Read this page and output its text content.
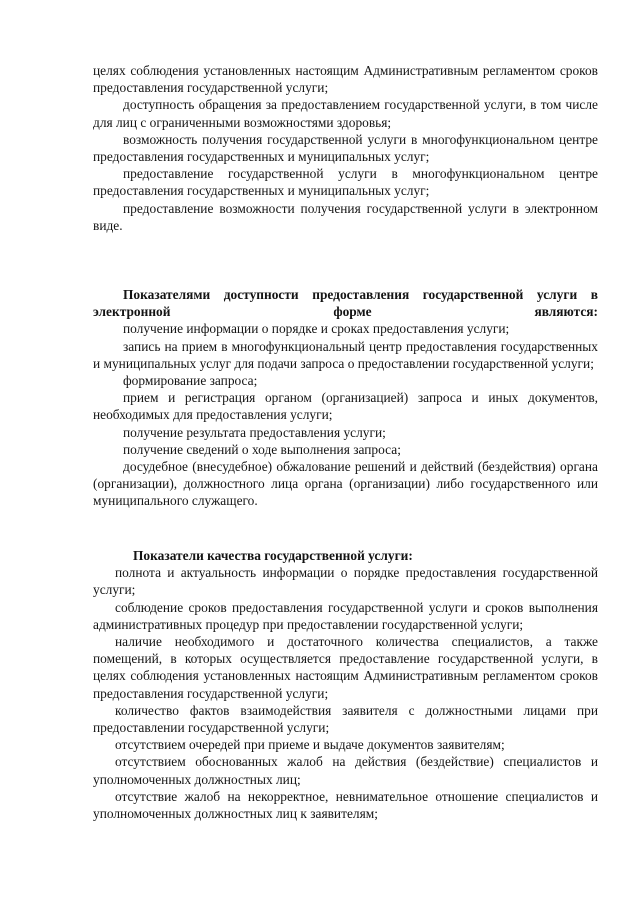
целях соблюдения установленных настоящим Административным регламентом сроков предоставления государственной услуги;

доступность обращения за предоставлением государственной услуги, в том числе для лиц с ограниченными возможностями здоровья;

возможность получения государственной услуги в многофункциональном центре предоставления государственных и муниципальных услуг;

предоставление государственной услуги в многофункциональном центре предоставления государственных и муниципальных услуг;

предоставление возможности получения государственной услуги в электронном виде.

Показателями доступности предоставления государственной услуги в электронной форме являются:

получение информации о порядке и сроках предоставления услуги;

запись на прием в многофункциональный центр предоставления государственных и муниципальных услуг для подачи запроса о предоставлении государственной услуги;

формирование запроса;

прием и регистрация органом (организацией) запроса и иных документов, необходимых для предоставления услуги;

получение результата предоставления услуги;

получение сведений о ходе выполнения запроса;

досудебное (внесудебное) обжалование решений и действий (бездействия) органа (организации), должностного лица органа (организации) либо государственного или муниципального служащего.

Показатели качества государственной услуги:

полнота и актуальность информации о порядке предоставления государственной услуги;

соблюдение сроков предоставления государственной услуги и сроков выполнения административных процедур при предоставлении государственной услуги;

наличие необходимого и достаточного количества специалистов, а также помещений, в которых осуществляется предоставление государственной услуги, в целях соблюдения установленных настоящим Административным регламентом сроков предоставления государственной услуги;

количество фактов взаимодействия заявителя с должностными лицами при предоставлении государственной услуги;

отсутствием очередей при приеме и выдаче документов заявителям;

отсутствием обоснованных жалоб на действия (бездействие) специалистов и уполномоченных должностных лиц;

отсутствие жалоб на некорректное, невнимательное отношение специалистов и уполномоченных должностных лиц к заявителям;
